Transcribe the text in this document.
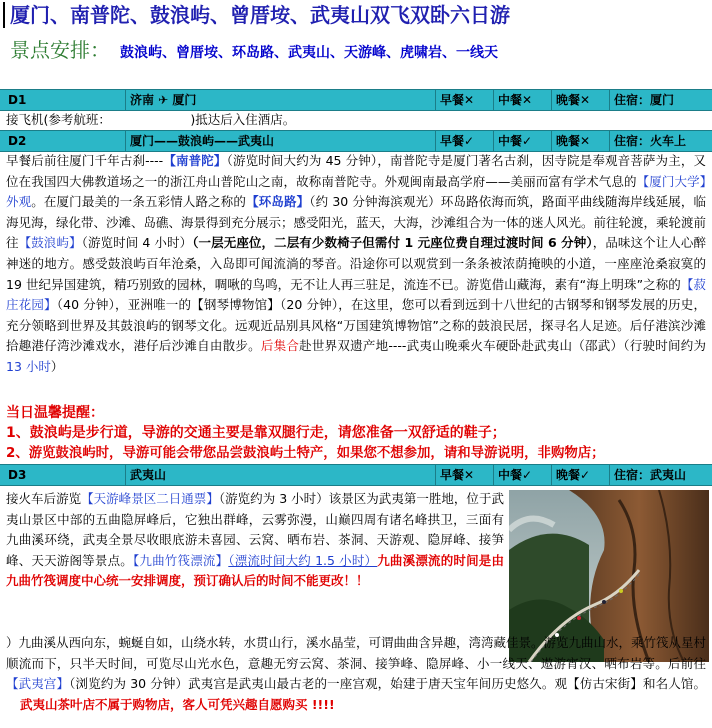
厦门、南普陀、鼓浪屿、曾厝垵、武夷山双飞双卧六日游
景点安排： 鼓浪屿、曾厝垵、环岛路、武夷山、天游峰、虎啸岩、一线天
D1	济南 ✈ 厦门	早餐✕	中餐✕	晚餐✕	住宿：厦门
接飞机(参考航班：                    )抵达后入住酒店。
D2	厦门——鼓浪屿——武夷山	早餐✓	中餐✓	晚餐✕	住宿：火车上
早餐后前往厦门千年古刹----【南普陀】（游览时间大约为 45 分钟），南普陀寺是厦门著名古刹，因寺院是奉观音菩萨为主，又位在我国四大佛教道场之一的浙江舟山普陀山之南，故称南普陀寺。外观闽南最高学府——美丽而富有学术气息的【厦门大学】外观。在厦门最美的一条五彩情人路之称的【环岛路】（约 30 分钟海滨观光）环岛路依海而筑，路面平曲线随海岸线延展，临海见海，绿化带、沙滩、岛礁、海景得到充分展示；感受阳光，蓝天，大海，沙滩组合为一体的迷人风光。前往轮渡，乘轮渡前往【鼓浪屿】（游览时间 4 小时）（一层无座位，二层有少数椅子但需付 1 元座位费自理过渡时间 6 分钟），品味这个让人心醉神迷的地方。感受鼓浪屿百年沧桑，入岛即可闻流淌的琴音。沿途你可以观赏到一条条被浓荫掩映的小道，一座座沧桑寂寞的 19 世纪异国建筑，精巧别致的园林，啁啾的鸟鸣，无不让人再三驻足，流连不已。游览借山藏海，素有“海上明珠”之称的【菽庄花园】（40 分钟），亚洲唯一的【钢琴博物馆】（20 分钟），在这里，您可以看到远到十八世纪的古钢琴和钢琴发展的历史，充分领略到世界及其鼓浪屿的钢琴文化。远观近品别具风格“万国建筑博物馆”之称的鼓浪民居，探寻名人足迹。后仔港滨沙滩拾趣港仔湾沙滩戏水，港仔后沙滩自由散步。后集合赴世界双遗产地----武夷山晚乘火车硬卧赴武夷山（邵武）（行驶时间约为13 小时）
当日温馨提醒：
1、鼓浪屿是步行道，导游的交通主要是靠双腿行走，请您准备一双舒适的鞋子；
2、游览鼓浪屿时，导游可能会带您品尝鼓浪屿土特产，如果您不想参加，请和导游说明，非购物店；
D3	武夷山	早餐✕	中餐✓	晚餐✓	住宿：武夷山
接火车后游览【天游峰景区二日通票】（游览约为 3 小时）该景区为武夷第一胜地，位于武夷山景区中部的五曲隐屏峰后，它独出群峰，云雾弥漫，山巅四周有诸名峰拱卫，三面有九曲溪环绕，武夷全景尽收眼底游未喜园、云窝、晒布岩、茶洞、天游观、隐屏峰、接笋峰、天天游阁等景点。【九曲竹筏漂流】（漂流时间大约 1.5 小时）九曲溪漂流的时间是由九曲竹筏调度中心统一安排调度，预订确认后的时间不能更改！！
）九曲溪从西向东，蜿蜒自如，山绕水转，水贯山行，溪水晶莹，可谓曲曲含异趣，湾湾藏佳景。游览九曲山水，乘竹筏从星村顺流而下，只半天时间，可览尽山光水色，意趣无穷云窝、茶洞、接笋峰、隐屏峰、小一线天、遨游宵汉、晒布岩等。后前往【武夷宫】（浏览约为 30 分钟）武夷宫是武夷山最古老的一座宫观，始建于唐天宝年间历史悠久。观【仿古宋街】和名人馆。武夷山茶叶店不属于购物店，客人可凭兴趣自愿购买 !!!!
